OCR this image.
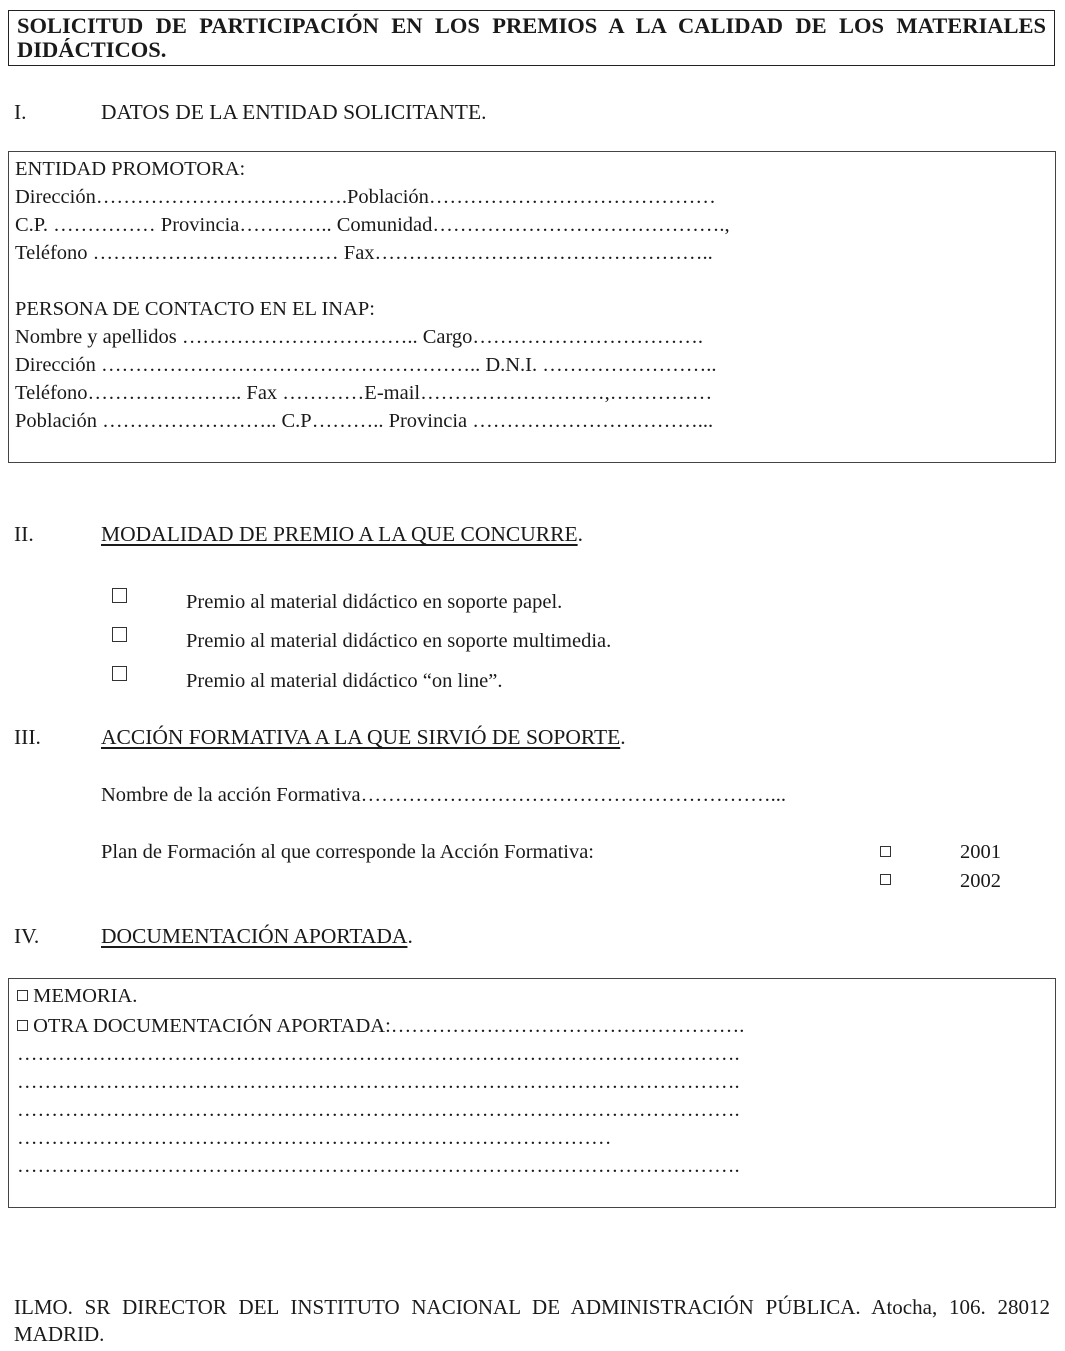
SOLICITUD DE PARTICIPACIÓN EN LOS PREMIOS A LA CALIDAD DE LOS MATERIALES DIDÁCTICOS.
I.	DATOS DE LA ENTIDAD SOLICITANTE.
ENTIDAD PROMOTORA:
Dirección……………………………….Población……………………………………
C.P. …………… Provincia………….. Comunidad…………………………………….,
Teléfono ……………………………… Fax…………………………………………..
PERSONA DE CONTACTO EN EL INAP:
Nombre y apellidos …………………………….. Cargo…………………………….
Dirección ……………………………………………….. D.N.I. ……………………..
Teléfono………………….. Fax …………E-mail………………………,……………
Población …………………….. C.P……….. Provincia ……………………………...
II.	MODALIDAD DE PREMIO A LA QUE CONCURRE.
Premio al material didáctico en soporte papel.
Premio al material didáctico en soporte multimedia.
Premio al material didáctico “on line”.
III.	ACCIÓN FORMATIVA A LA QUE SIRVIÓ DE SOPORTE.
Nombre de la acción Formativa……………………………………………………...
Plan de Formación al que corresponde la Acción Formativa:	2001
2002
IV.	DOCUMENTACIÓN APORTADA.
MEMORIA.
OTRA DOCUMENTACIÓN APORTADA:…………………………………………….
…………………………………………………………………………………………….
…………………………………………………………………………………………….
…………………………………………………………………………………………….
……………………………………………………………………………
…………………………………………………………………………………………….
ILMO. SR DIRECTOR DEL INSTITUTO NACIONAL DE ADMINISTRACIÓN PÚBLICA. Atocha, 106. 28012 MADRID.
